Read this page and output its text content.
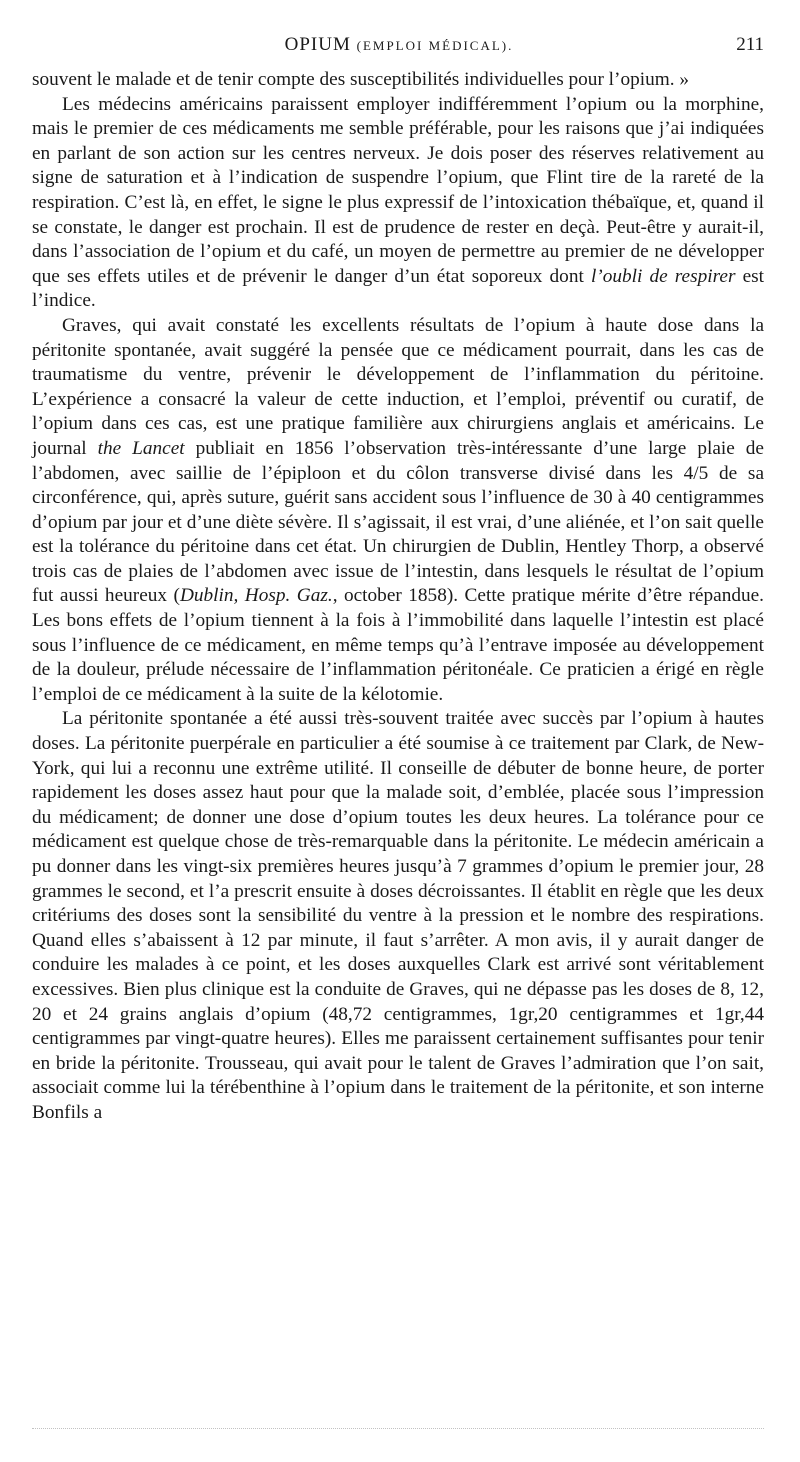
OPIUM (EMPLOI MÉDICAL).	211

souvent le malade et de tenir compte des susceptibilités individuelles pour l’opium. »

Les médecins américains paraissent employer indifféremment l’opium ou la morphine, mais le premier de ces médicaments me semble préférable, pour les raisons que j’ai indiquées en parlant de son action sur les centres nerveux. Je dois poser des réserves relativement au signe de saturation et à l’indication de suspendre l’opium, que Flint tire de la rareté de la respiration. C’est là, en effet, le signe le plus expressif de l’intoxication thébaïque, et, quand il se constate, le danger est prochain. Il est de prudence de rester en deçà. Peut-être y aurait-il, dans l’association de l’opium et du café, un moyen de permettre au premier de ne développer que ses effets utiles et de prévenir le danger d’un état soporeux dont l’oubli de respirer est l’indice.

Graves, qui avait constaté les excellents résultats de l’opium à haute dose dans la péritonite spontanée, avait suggéré la pensée que ce médicament pourrait, dans les cas de traumatisme du ventre, prévenir le développement de l’inflammation du péritoine. L’expérience a consacré la valeur de cette induction, et l’emploi, préventif ou curatif, de l’opium dans ces cas, est une pratique familière aux chirurgiens anglais et américains. Le journal the Lancet publiait en 1856 l’observation très-intéressante d’une large plaie de l’abdomen, avec saillie de l’épiploon et du côlon transverse divisé dans les 4/5 de sa circonférence, qui, après suture, guérit sans accident sous l’influence de 30 à 40 centigrammes d’opium par jour et d’une diète sévère. Il s’agissait, il est vrai, d’une aliénée, et l’on sait quelle est la tolérance du péritoine dans cet état. Un chirurgien de Dublin, Hentley Thorp, a observé trois cas de plaies de l’abdomen avec issue de l’intestin, dans lesquels le résultat de l’opium fut aussi heureux (Dublin, Hosp. Gaz., october 1858). Cette pratique mérite d’être répandue. Les bons effets de l’opium tiennent à la fois à l’immobilité dans laquelle l’intestin est placé sous l’influence de ce médicament, en même temps qu’à l’entrave imposée au développement de la douleur, prélude nécessaire de l’inflammation péritonéale. Ce praticien a érigé en règle l’emploi de ce médicament à la suite de la kélotomie.

La péritonite spontanée a été aussi très-souvent traitée avec succès par l’opium à hautes doses. La péritonite puerpérale en particulier a été soumise à ce traitement par Clark, de New-York, qui lui a reconnu une extrême utilité. Il conseille de débuter de bonne heure, de porter rapidement les doses assez haut pour que la malade soit, d’emblée, placée sous l’impression du médicament; de donner une dose d’opium toutes les deux heures. La tolérance pour ce médicament est quelque chose de très-remarquable dans la péritonite. Le médecin américain a pu donner dans les vingt-six premières heures jusqu’à 7 grammes d’opium le premier jour, 28 grammes le second, et l’a prescrit ensuite à doses décroissantes. Il établit en règle que les deux critériums des doses sont la sensibilité du ventre à la pression et le nombre des respirations. Quand elles s’abaissent à 12 par minute, il faut s’arrêter. A mon avis, il y aurait danger de conduire les malades à ce point, et les doses auxquelles Clark est arrivé sont véritablement excessives. Bien plus clinique est la conduite de Graves, qui ne dépasse pas les doses de 8, 12, 20 et 24 grains anglais d’opium (48,72 centigrammes, 1gr,20 centigrammes et 1gr,44 centigrammes par vingt-quatre heures). Elles me paraissent certainement suffisantes pour tenir en bride la péritonite. Trousseau, qui avait pour le talent de Graves l’admiration que l’on sait, associait comme lui la térébenthine à l’opium dans le traitement de la péritonite, et son interne Bonfils a
